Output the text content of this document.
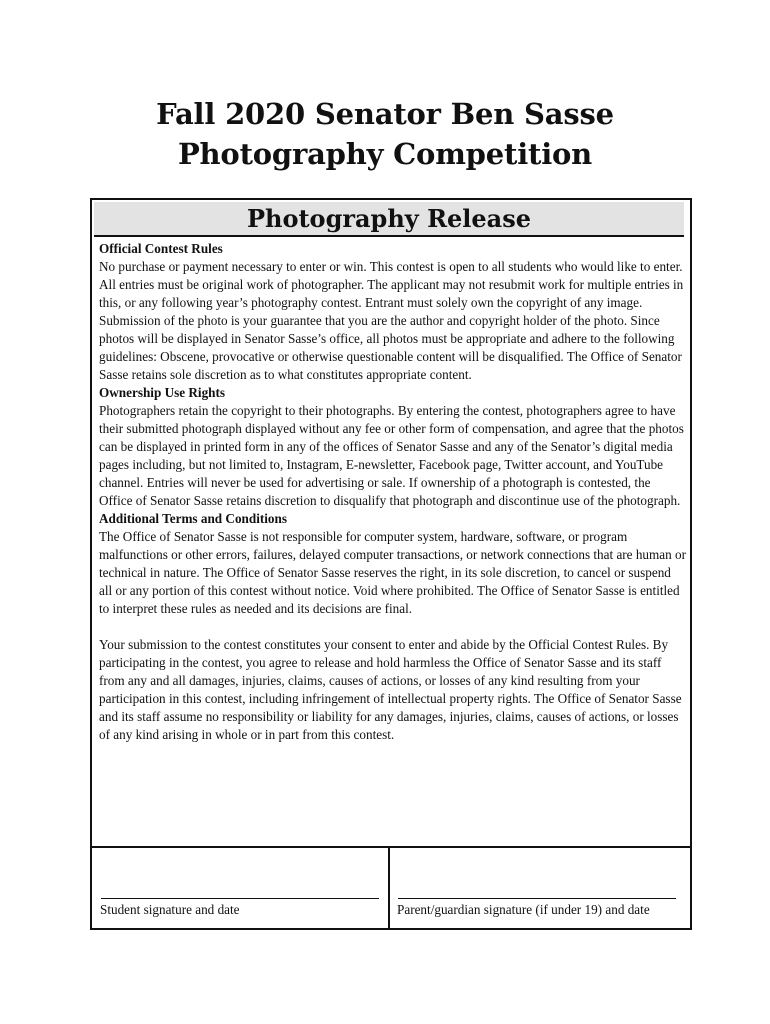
Fall 2020 Senator Ben Sasse
Photography Competition
Photography Release

Official Contest Rules

No purchase or payment necessary to enter or win. This contest is open to all students who would like to enter. All entries must be original work of photographer. The applicant may not resubmit work for multiple entries in this, or any following year’s photography contest. Entrant must solely own the copyright of any image. Submission of the photo is your guarantee that you are the author and copyright holder of the photo. Since photos will be displayed in Senator Sasse’s office, all photos must be appropriate and adhere to the following guidelines: Obscene, provocative or otherwise questionable content will be disqualified. The Office of Senator Sasse retains sole discretion as to what constitutes appropriate content.

Ownership Use Rights

Photographers retain the copyright to their photographs. By entering the contest, photographers agree to have their submitted photograph displayed without any fee or other form of compensation, and agree that the photos can be displayed in printed form in any of the offices of Senator Sasse and any of the Senator’s digital media pages including, but not limited to, Instagram, E-newsletter, Facebook page, Twitter account, and YouTube channel. Entries will never be used for advertising or sale. If ownership of a photograph is contested, the Office of Senator Sasse retains discretion to disqualify that photograph and discontinue use of the photograph.

Additional Terms and Conditions

The Office of Senator Sasse is not responsible for computer system, hardware, software, or program malfunctions or other errors, failures, delayed computer transactions, or network connections that are human or technical in nature. The Office of Senator Sasse reserves the right, in its sole discretion, to cancel or suspend all or any portion of this contest without notice. Void where prohibited. The Office of Senator Sasse is entitled to interpret these rules as needed and its decisions are final.

Your submission to the contest constitutes your consent to enter and abide by the Official Contest Rules. By participating in the contest, you agree to release and hold harmless the Office of Senator Sasse and its staff from any and all damages, injuries, claims, causes of actions, or losses of any kind resulting from your participation in this contest, including infringement of intellectual property rights. The Office of Senator Sasse and its staff assume no responsibility or liability for any damages, injuries, claims, causes of actions, or losses of any kind arising in whole or in part from this contest.

Student signature and date	Parent/guardian signature (if under 19) and date
